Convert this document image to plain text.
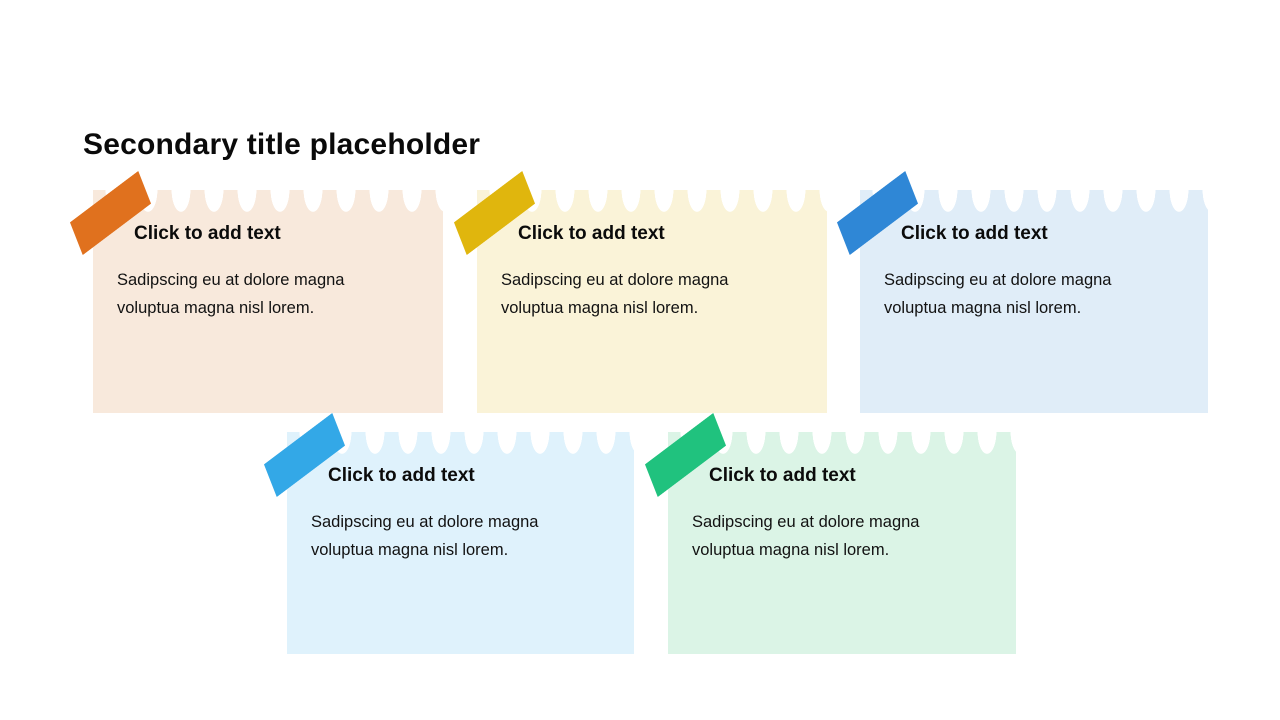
Secondary title placeholder
Click to add text

Sadipscing eu at dolore magna voluptua magna nisl lorem.

Click to add text

Sadipscing eu at dolore magna voluptua magna nisl lorem.

Click to add text

Sadipscing eu at dolore magna voluptua magna nisl lorem.

Click to add text

Sadipscing eu at dolore magna voluptua magna nisl lorem.

Click to add text

Sadipscing eu at dolore magna voluptua magna nisl lorem.
